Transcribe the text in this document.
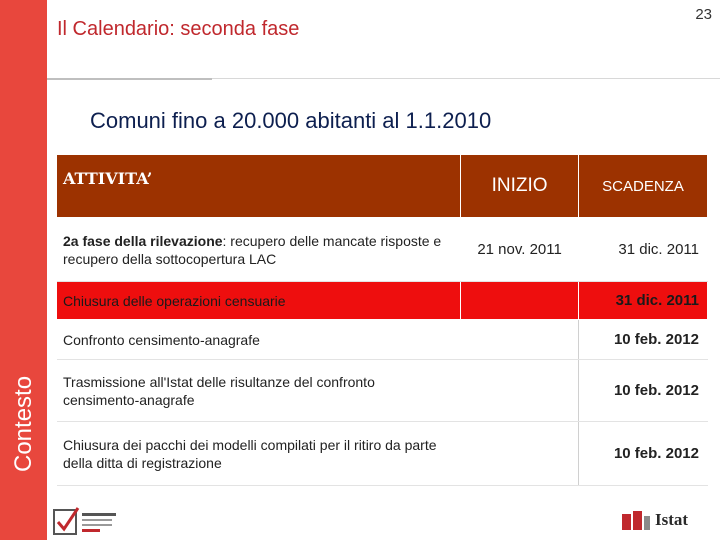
Contesto
23
Il Calendario: seconda fase
Comuni fino a 20.000 abitanti al 1.1.2010
ATTIVITA’	INIZIO	SCADENZA
2a fase della rilevazione: recupero delle mancate risposte e recupero della sottocopertura LAC	21 nov. 2011	31 dic. 2011
Chiusura delle operazioni censuarie		31 dic. 2011
Confronto censimento-anagrafe		10 feb. 2012
Trasmissione all'Istat delle risultanze del confronto censimento-anagrafe		10 feb. 2012
Chiusura dei pacchi dei modelli compilati per il ritiro da parte della ditta di registrazione		10 feb. 2012
Istat
